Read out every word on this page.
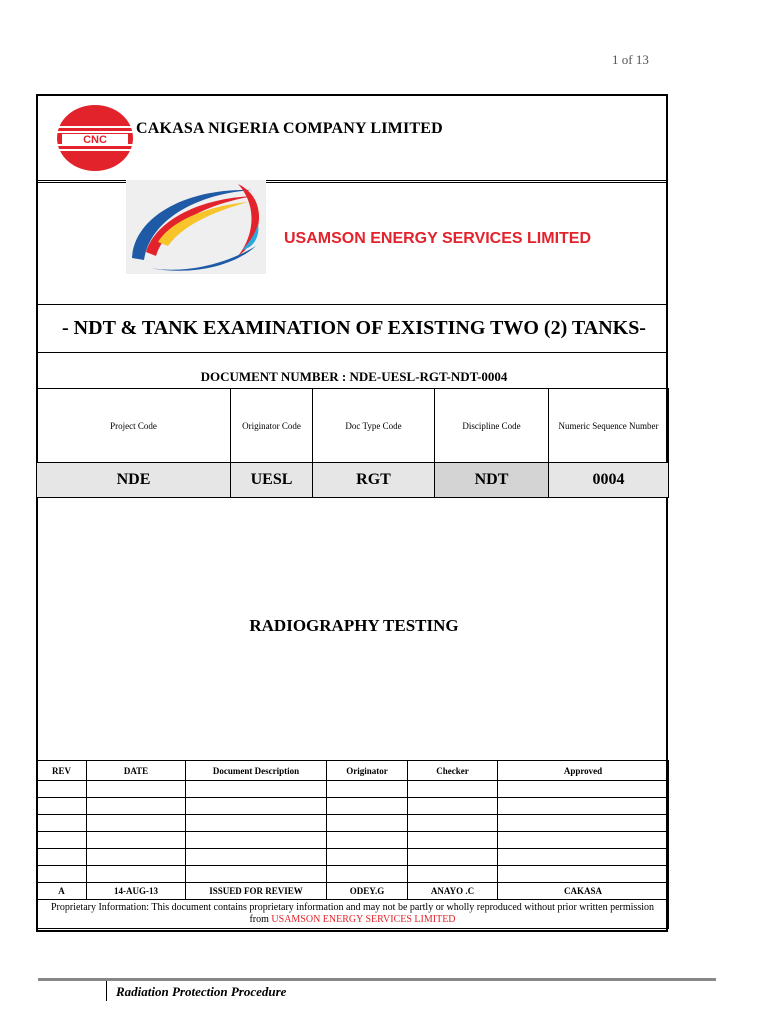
1 of 13
CNC
CAKASA NIGERIA COMPANY LIMITED
USAMSON ENERGY SERVICES LIMITED
- NDT & TANK EXAMINATION OF EXISTING TWO (2) TANKS-
DOCUMENT NUMBER : NDE-UESL-RGT-NDT-0004
Project Code	Originator Code	Doc Type Code	Discipline Code	Numeric Sequence Number
NDE	UESL	RGT	NDT	0004
RADIOGRAPHY TESTING
REV	DATE	Document Description	Originator	Checker	Approved

A	14-AUG-13	ISSUED FOR REVIEW	ODEY.G	ANAYO .C	CAKASA
Proprietary Information: This document contains proprietary information and may not be partly or wholly reproduced without prior written permission from USAMSON ENERGY SERVICES LIMITED					
Radiation Protection Procedure
